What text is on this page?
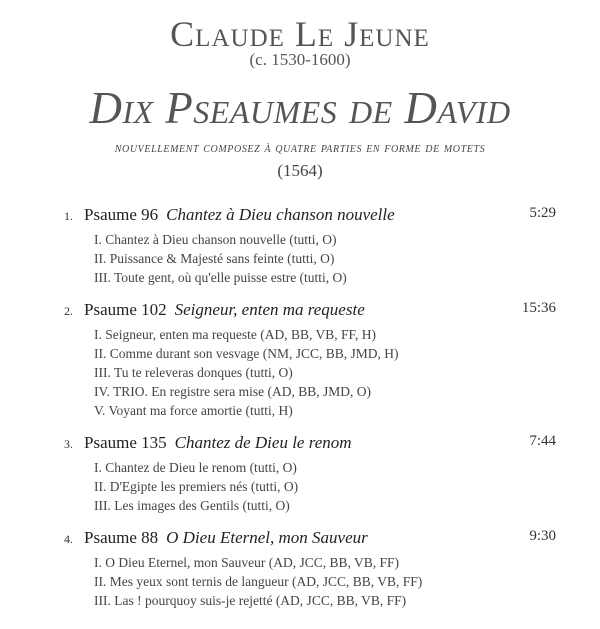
Claude Le Jeune
(c. 1530-1600)
Dix Pseaumes de David
nouvellement composez à quatre parties en forme de motets
(1564)
1. Psaume 96 Chantez à Dieu chanson nouvelle	5:29
I. Chantez à Dieu chanson nouvelle (tutti, O)
II. Puissance & Majesté sans feinte (tutti, O)
III. Toute gent, où qu'elle puisse estre (tutti, O)
2. Psaume 102 Seigneur, enten ma requeste	15:36
I. Seigneur, enten ma requeste (AD, BB, VB, FF, H)
II. Comme durant son vesvage (NM, JCC, BB, JMD, H)
III. Tu te releveras donques (tutti, O)
IV. TRIO. En registre sera mise (AD, BB, JMD, O)
V. Voyant ma force amortie (tutti, H)
3. Psaume 135 Chantez de Dieu le renom	7:44
I. Chantez de Dieu le renom (tutti, O)
II. D'Egipte les premiers nés (tutti, O)
III. Les images des Gentils (tutti, O)
4. Psaume 88 O Dieu Eternel, mon Sauveur	9:30
I. O Dieu Eternel, mon Sauveur (AD, JCC, BB, VB, FF)
II. Mes yeux sont ternis de langueur (AD, JCC, BB, VB, FF)
III. Las ! pourquoy suis-je rejetté (AD, JCC, BB, VB, FF)
